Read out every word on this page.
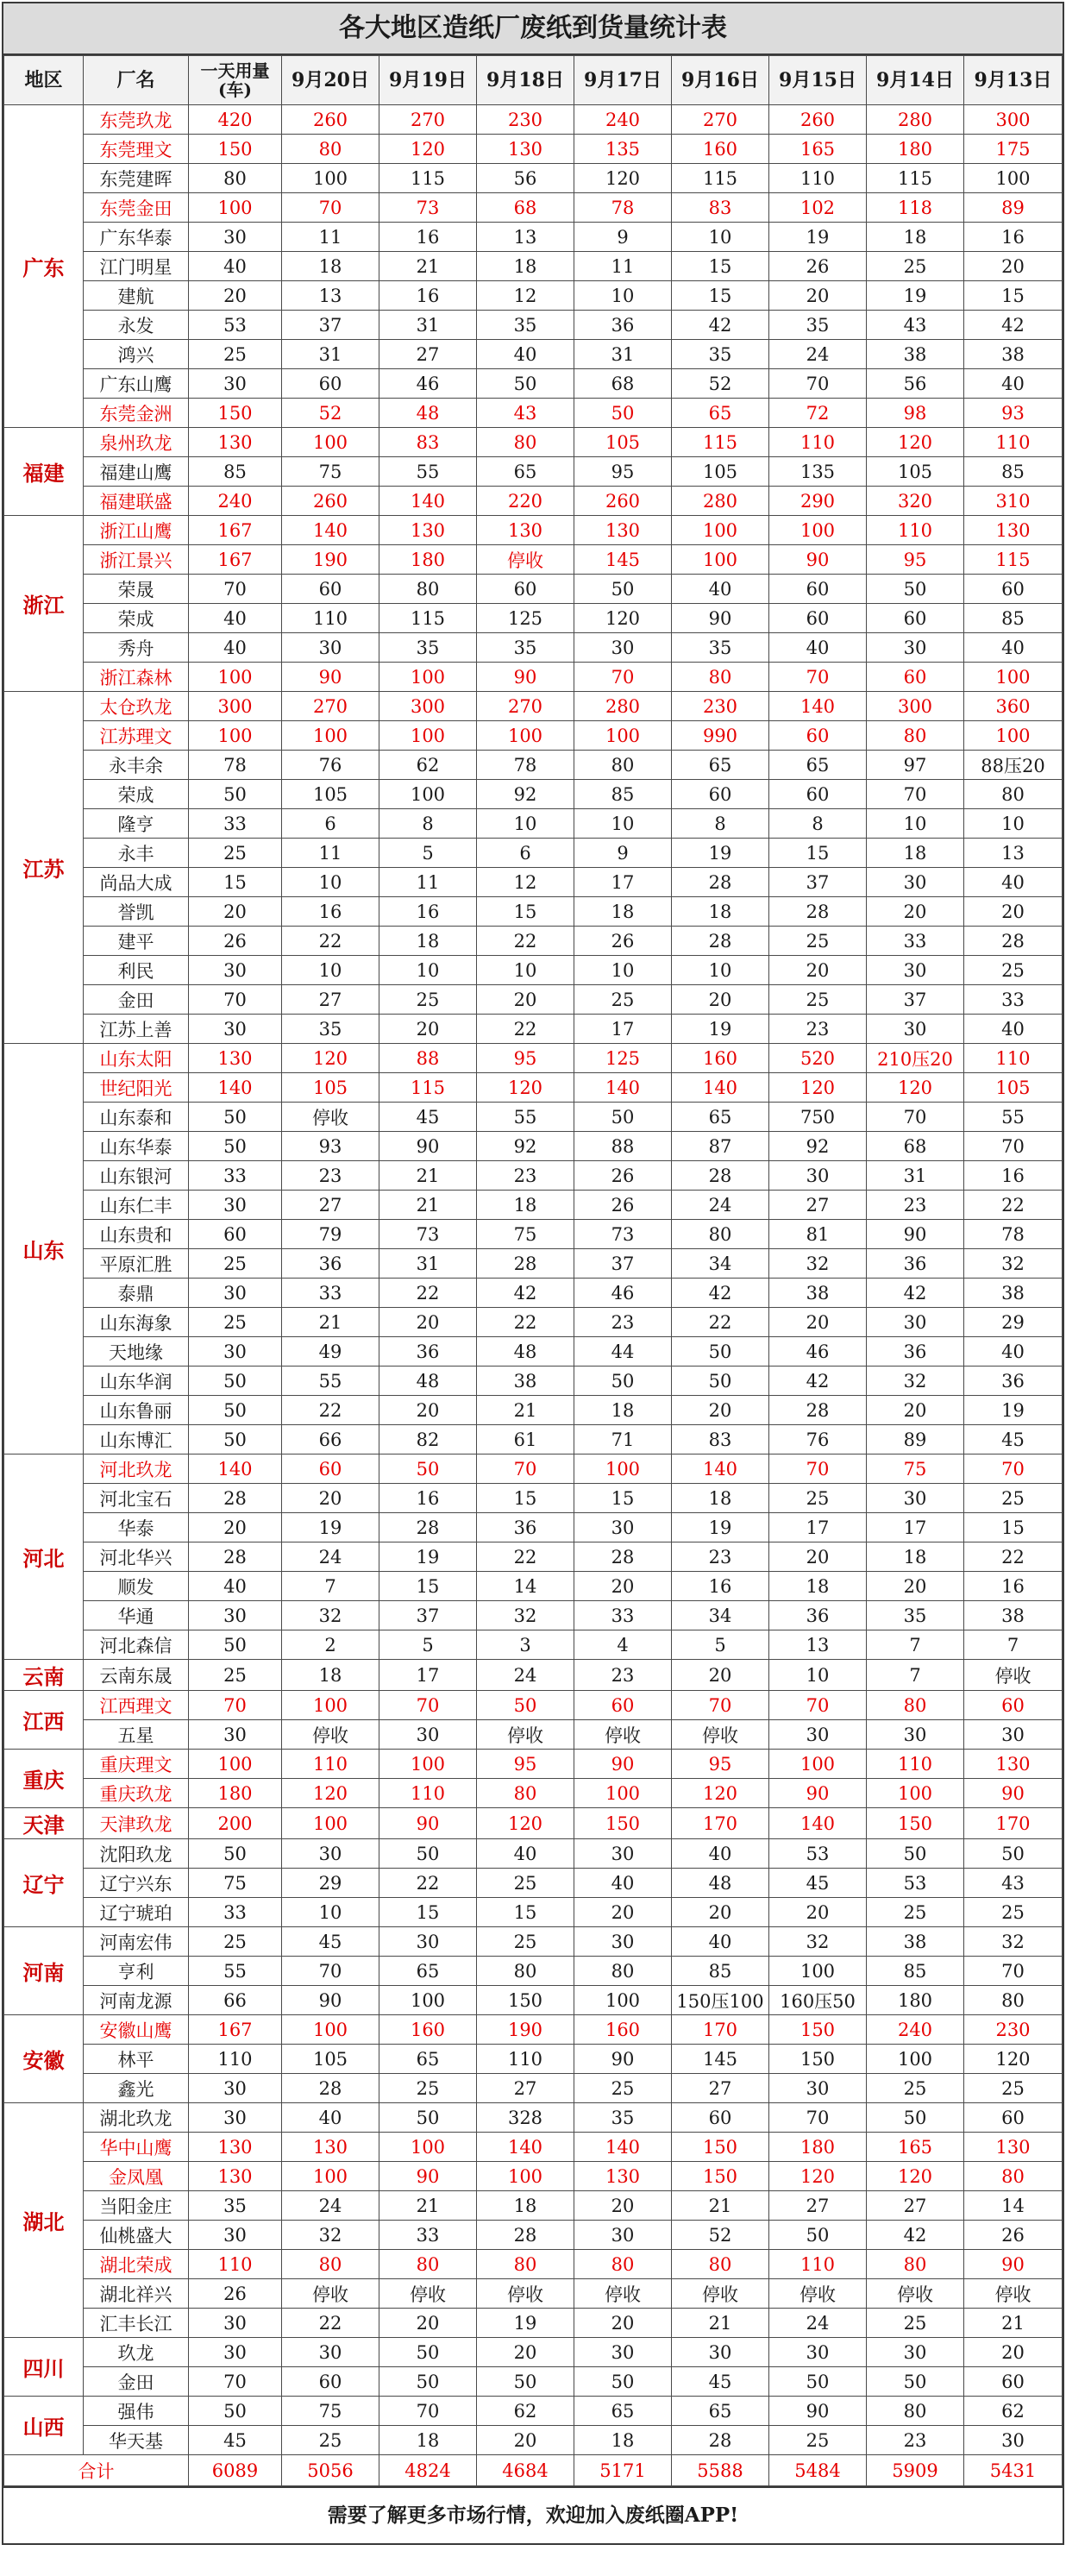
各大地区造纸厂废纸到货量统计表
地区	厂名	一天用量(车)	9月20日	9月19日	9月18日	9月17日	9月16日	9月15日	9月14日	9月13日
广东	东莞玖龙	420	260	270	230	240	270	260	280	300
	东莞理文	150	80	120	130	135	160	165	180	175
	东莞建晖	80	100	115	56	120	115	110	115	100
	东莞金田	100	70	73	68	78	83	102	118	89
	广东华泰	30	11	16	13	9	10	19	18	16
	江门明星	40	18	21	18	11	15	26	25	20
	建航	20	13	16	12	10	15	20	19	15
	永发	53	37	31	35	36	42	35	43	42
	鸿兴	25	31	27	40	31	35	24	38	38
	广东山鹰	30	60	46	50	68	52	70	56	40
	东莞金洲	150	52	48	43	50	65	72	98	93
福建	泉州玖龙	130	100	83	80	105	115	110	120	110
	福建山鹰	85	75	55	65	95	105	135	105	85
	福建联盛	240	260	140	220	260	280	290	320	310
浙江	浙江山鹰	167	140	130	130	130	100	100	110	130
	浙江景兴	167	190	180	停收	145	100	90	95	115
	荣晟	70	60	80	60	50	40	60	50	60
	荣成	40	110	115	125	120	90	60	60	85
	秀舟	40	30	35	35	30	35	40	30	40
	浙江森林	100	90	100	90	70	80	70	60	100
江苏	太仓玖龙	300	270	300	270	280	230	140	300	360
	江苏理文	100	100	100	100	100	990	60	80	100
	永丰余	78	76	62	78	80	65	65	97	88压20
	荣成	50	105	100	92	85	60	60	70	80
	隆亨	33	6	8	10	10	8	8	10	10
	永丰	25	11	5	6	9	19	15	18	13
	尚品大成	15	10	11	12	17	28	37	30	40
	誉凯	20	16	16	15	18	18	28	20	20
	建平	26	22	18	22	26	28	25	33	28
	利民	30	10	10	10	10	10	20	30	25
	金田	70	27	25	20	25	20	25	37	33
	江苏上善	30	35	20	22	17	19	23	30	40
山东	山东太阳	130	120	88	95	125	160	520	210压20	110
	世纪阳光	140	105	115	120	140	140	120	120	105
	山东泰和	50	停收	45	55	50	65	750	70	55
	山东华泰	50	93	90	92	88	87	92	68	70
	山东银河	33	23	21	23	26	28	30	31	16
	山东仁丰	30	27	21	18	26	24	27	23	22
	山东贵和	60	79	73	75	73	80	81	90	78
	平原汇胜	25	36	31	28	37	34	32	36	32
	泰鼎	30	33	22	42	46	42	38	42	38
	山东海象	25	21	20	22	23	22	20	30	29
	天地缘	30	49	36	48	44	50	46	36	40
	山东华润	50	55	48	38	50	50	42	32	36
	山东鲁丽	50	22	20	21	18	20	28	20	19
	山东博汇	50	66	82	61	71	83	76	89	45
河北	河北玖龙	140	60	50	70	100	140	70	75	70
	河北宝石	28	20	16	15	15	18	25	30	25
	华泰	20	19	28	36	30	19	17	17	15
	河北华兴	28	24	19	22	28	23	20	18	22
	顺发	40	7	15	14	20	16	18	20	16
	华通	30	32	37	32	33	34	36	35	38
	河北森信	50	2	5	3	4	5	13	7	7
云南	云南东晟	25	18	17	24	23	20	10	7	停收
江西	江西理文	70	100	70	50	60	70	70	80	60
	五星	30	停收	30	停收	停收	停收	30	30	30
重庆	重庆理文	100	110	100	95	90	95	100	110	130
	重庆玖龙	180	120	110	80	100	120	90	100	90
天津	天津玖龙	200	100	90	120	150	170	140	150	170
辽宁	沈阳玖龙	50	30	50	40	30	40	53	50	50
	辽宁兴东	75	29	22	25	40	48	45	53	43
	辽宁琥珀	33	10	15	15	20	20	20	25	25
河南	河南宏伟	25	45	30	25	30	40	32	38	32
	亨利	55	70	65	80	80	85	100	85	70
	河南龙源	66	90	100	150	100	150压100	160压50	180	80
安徽	安徽山鹰	167	100	160	190	160	170	150	240	230
	林平	110	105	65	110	90	145	150	100	120
	鑫光	30	28	25	27	25	27	30	25	25
湖北	湖北玖龙	30	40	50	328	35	60	70	50	60
	华中山鹰	130	130	100	140	140	150	180	165	130
	金凤凰	130	100	90	100	130	150	120	120	80
	当阳金庄	35	24	21	18	20	21	27	27	14
	仙桃盛大	30	32	33	28	30	52	50	42	26
	湖北荣成	110	80	80	80	80	80	110	80	90
	湖北祥兴	26	停收	停收	停收	停收	停收	停收	停收	停收
	汇丰长江	30	22	20	19	20	21	24	25	21
四川	玖龙	30	30	50	20	30	30	30	30	20
	金田	70	60	50	50	50	45	50	50	60
山西	强伟	50	75	70	62	65	65	90	80	62
	华天基	45	25	18	20	18	28	25	23	30
合计		6089	5056	4824	4684	5171	5588	5484	5909	5431
需要了解更多市场行情，欢迎加入废纸圈APP!
